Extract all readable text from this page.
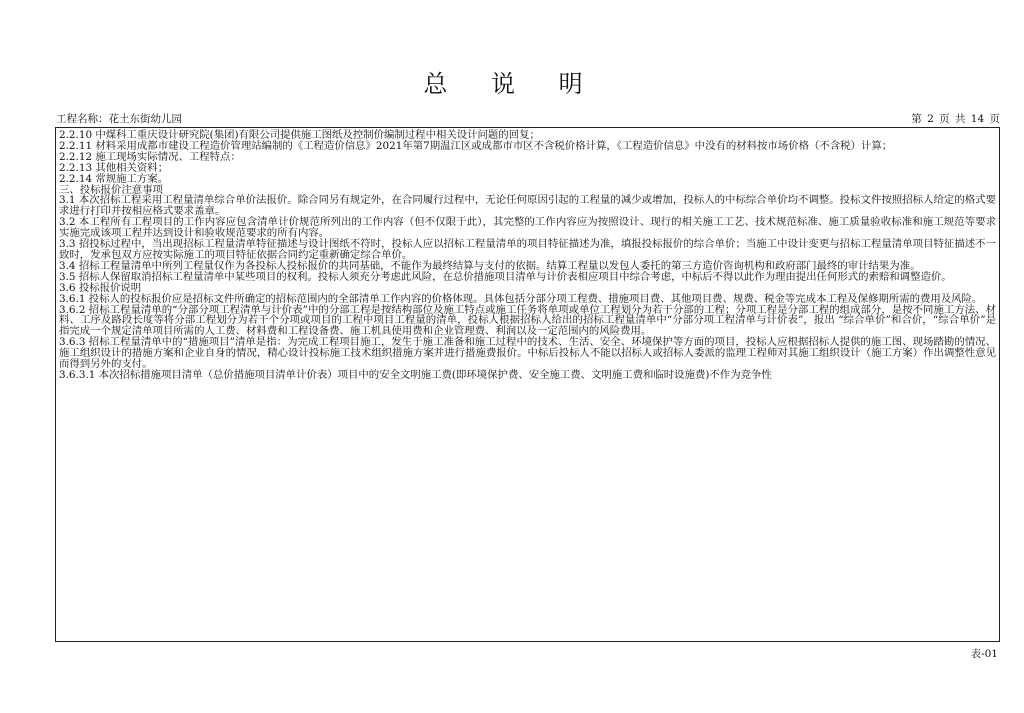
总 说 明
工程名称：花土东街幼儿园	第 2 页 共 14 页

2.2.10 中煤科工重庆设计研究院(集团)有限公司提供施工图纸及控制价编制过程中相关设计问题的回复；

2.2.11 材料采用成都市建设工程造价管理站编制的《工程造价信息》2021年第7期温江区或成都市市区不含税价格计算，《工程造价信息》中没有的材料按市场价格（不含税）计算；

2.2.12 施工现场实际情况、工程特点：

2.2.13 其他相关资料；

2.2.14 常规施工方案。

三、投标报价注意事项

3.1 本次招标工程采用工程量清单综合单价法报价。除合同另有规定外，在合同履行过程中，无论任何原因引起的工程量的减少或增加，投标人的中标综合单价均不调整。投标文件按照招标人给定的格式要求进行打印并按相应格式要求盖章。

3.2 本工程所有工程项目的工作内容应包含清单计价规范所列出的工作内容（但不仅限于此），其完整的工作内容应为按照设计、现行的相关施工工艺、技术规范标准、施工质量验收标准和施工规范等要求实施完成该项工程并达到设计和验收规范要求的所有内容。

3.3 招投标过程中，当出现招标工程量清单特征描述与设计图纸不符时，投标人应以招标工程量清单的项目特征描述为准，填报投标报价的综合单价；当施工中设计变更与招标工程量清单项目特征描述不一致时，发承包双方应按实际施工的项目特征依据合同约定重新确定综合单价。

3.4 招标工程量清单中所列工程量仅作为各投标人投标报价的共同基础，不能作为最终结算与支付的依据。结算工程量以发包人委托的第三方造价咨询机构和政府部门最终的审计结果为准。

3.5 招标人保留取消招标工程量清单中某些项目的权利。投标人须充分考虑此风险，在总价措施项目清单与计价表相应项目中综合考虑，中标后不得以此作为理由提出任何形式的索赔和调整造价。

3.6 投标报价说明

3.6.1 投标人的投标报价应是招标文件所确定的招标范围内的全部清单工作内容的价格体现。具体包括分部分项工程费、措施项目费、其他项目费、规费、税金等完成本工程及保修期所需的费用及风险。

3.6.2 招标工程量清单的“分部分项工程清单与计价表”中的分部工程是按结构部位及施工特点或施工任务将单项或单位工程划分为若干分部的工程；分项工程是分部工程的组成部分，是按不同施工方法、材料、工序及路段长度等将分部工程划分为若干个分项或项目的工程中项目工程量的清单，投标人根据招标人给出的招标工程量清单中“分部分项工程清单与计价表”，报出 “综合单价”和合价，“综合单价”是指完成一个规定清单项目所需的人工费、材料费和工程设备费、施工机具使用费和企业管理费、利润以及一定范围内的风险费用。

3.6.3 招标工程量清单中的“措施项目”清单是指：为完成工程项目施工，发生于施工准备和施工过程中的技术、生活、安全、环境保护等方面的项目，投标人应根据招标人提供的施工图、现场踏勘的情况、施工组织设计的措施方案和企业自身的情况，精心设计投标施工技术组织措施方案并进行措施费报价。中标后投标人不能以招标人或招标人委派的监理工程师对其施工组织设计（施工方案）作出调整性意见而得到另外的支付。

3.6.3.1 本次招标措施项目清单（总价措施项目清单计价表）项目中的安全文明施工费(即环境保护费、安全施工费、文明施工费和临时设施费)不作为竞争性

表-01
